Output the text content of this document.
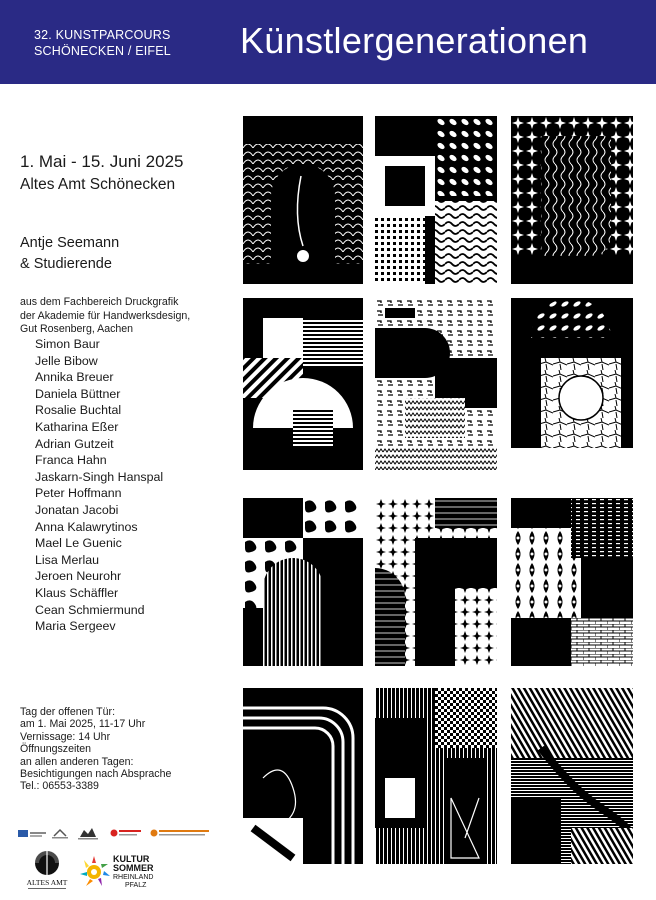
32. KUNSTPARCOURS
SCHÖNECKEN / EIFEL Künstlergenerationen
1. Mai - 15. Juni 2025
Altes Amt Schönecken
Antje Seemann
& Studierende
aus dem Fachbereich Druckgrafik
der Akademie für Handwerksdesign,
Gut Rosenberg, Aachen
Simon Baur
Jelle Bibow
Annika Breuer
Daniela Büttner
Rosalie Buchtal
Katharina Eßer
Adrian Gutzeit
Franca Hahn
Jaskarn-Singh Hanspal
Peter Hoffmann
Jonatan Jacobi
Anna Kalawrytinos
Mael Le Guenic
Lisa Merlau
Jeroen Neurohr
Klaus Schäffler
Cean Schmiermund
Maria Sergeev
Tag der offenen Tür:
am 1. Mai 2025, 11-17 Uhr
Vernissage: 14 Uhr
Öffnungszeiten
an allen anderen Tagen:
Besichtigungen nach Absprache
Tel.: 06553-3389
ALTES AMT
KULTUR
SOMMER
RHEINLAND
PFALZ
